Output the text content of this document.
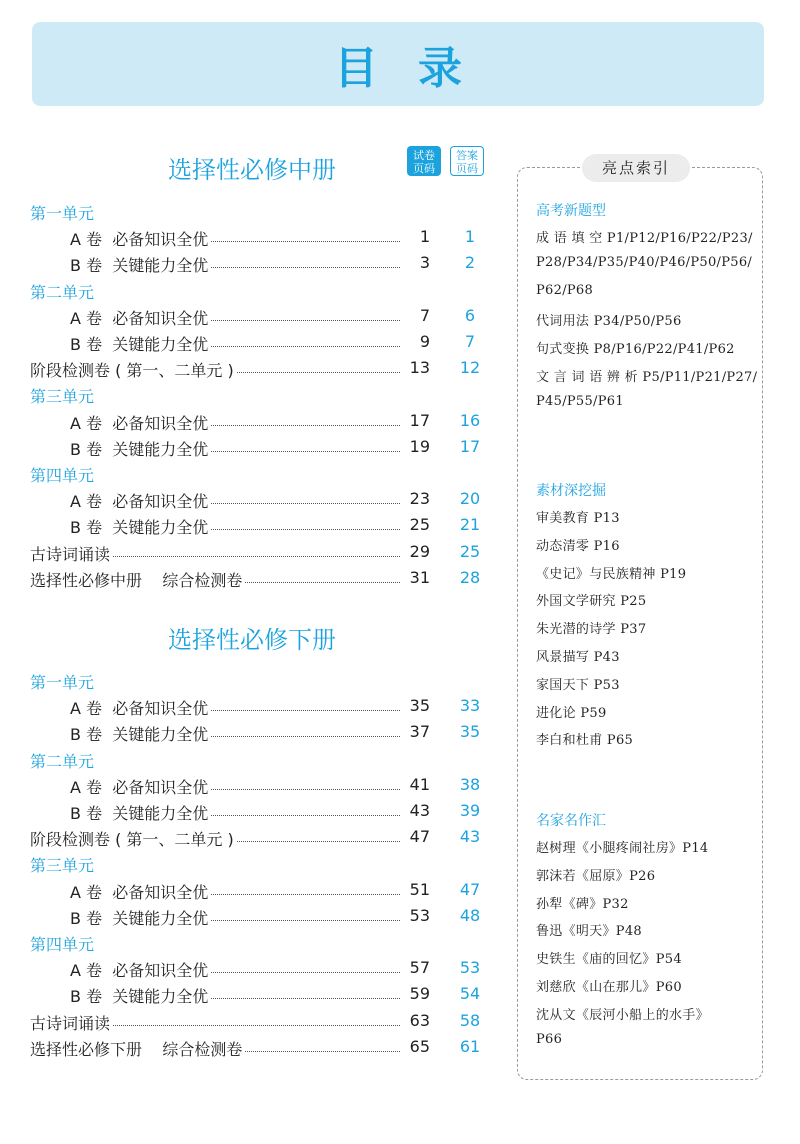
目录
选择性必修中册
试卷
页码
答案
页码
第一单元
A 卷  必备知识全优	1	1
B 卷  关键能力全优	3	2
第二单元
A 卷  必备知识全优	7	6
B 卷  关键能力全优	9	7
阶段检测卷 ( 第一、二单元 )	13	12
第三单元
A 卷  必备知识全优	17	16
B 卷  关键能力全优	19	17
第四单元
A 卷  必备知识全优	23	20
B 卷  关键能力全优	25	21
古诗词诵读	29	25
选择性必修中册    综合检测卷	31	28
选择性必修下册
第一单元
A 卷  必备知识全优	35	33
B 卷  关键能力全优	37	35
第二单元
A 卷  必备知识全优	41	38
B 卷  关键能力全优	43	39
阶段检测卷 ( 第一、二单元 )	47	43
第三单元
A 卷  必备知识全优	51	47
B 卷  关键能力全优	53	48
第四单元
A 卷  必备知识全优	57	53
B 卷  关键能力全优	59	54
古诗词诵读	63	58
选择性必修下册    综合检测卷	65	61
亮点索引
高考新题型
成 语 填 空 P1/P12/P16/P22/P23/
P28/P34/P35/P40/P46/P50/P56/
P62/P68
代词用法 P34/P50/P56
句式变换 P8/P16/P22/P41/P62
文 言 词 语 辨 析 P5/P11/P21/P27/
P45/P55/P61
素材深挖掘
审美教育 P13
动态清零 P16
《史记》与民族精神 P19
外国文学研究 P25
朱光潜的诗学 P37
风景描写 P43
家国天下 P53
进化论 P59
李白和杜甫 P65
名家名作汇
赵树理《小腿疼闹社房》P14
郭沫若《屈原》P26
孙犁《碑》P32
鲁迅《明天》P48
史铁生《庙的回忆》P54
刘慈欣《山在那儿》P60
沈从文《辰河小船上的水手》
P66
